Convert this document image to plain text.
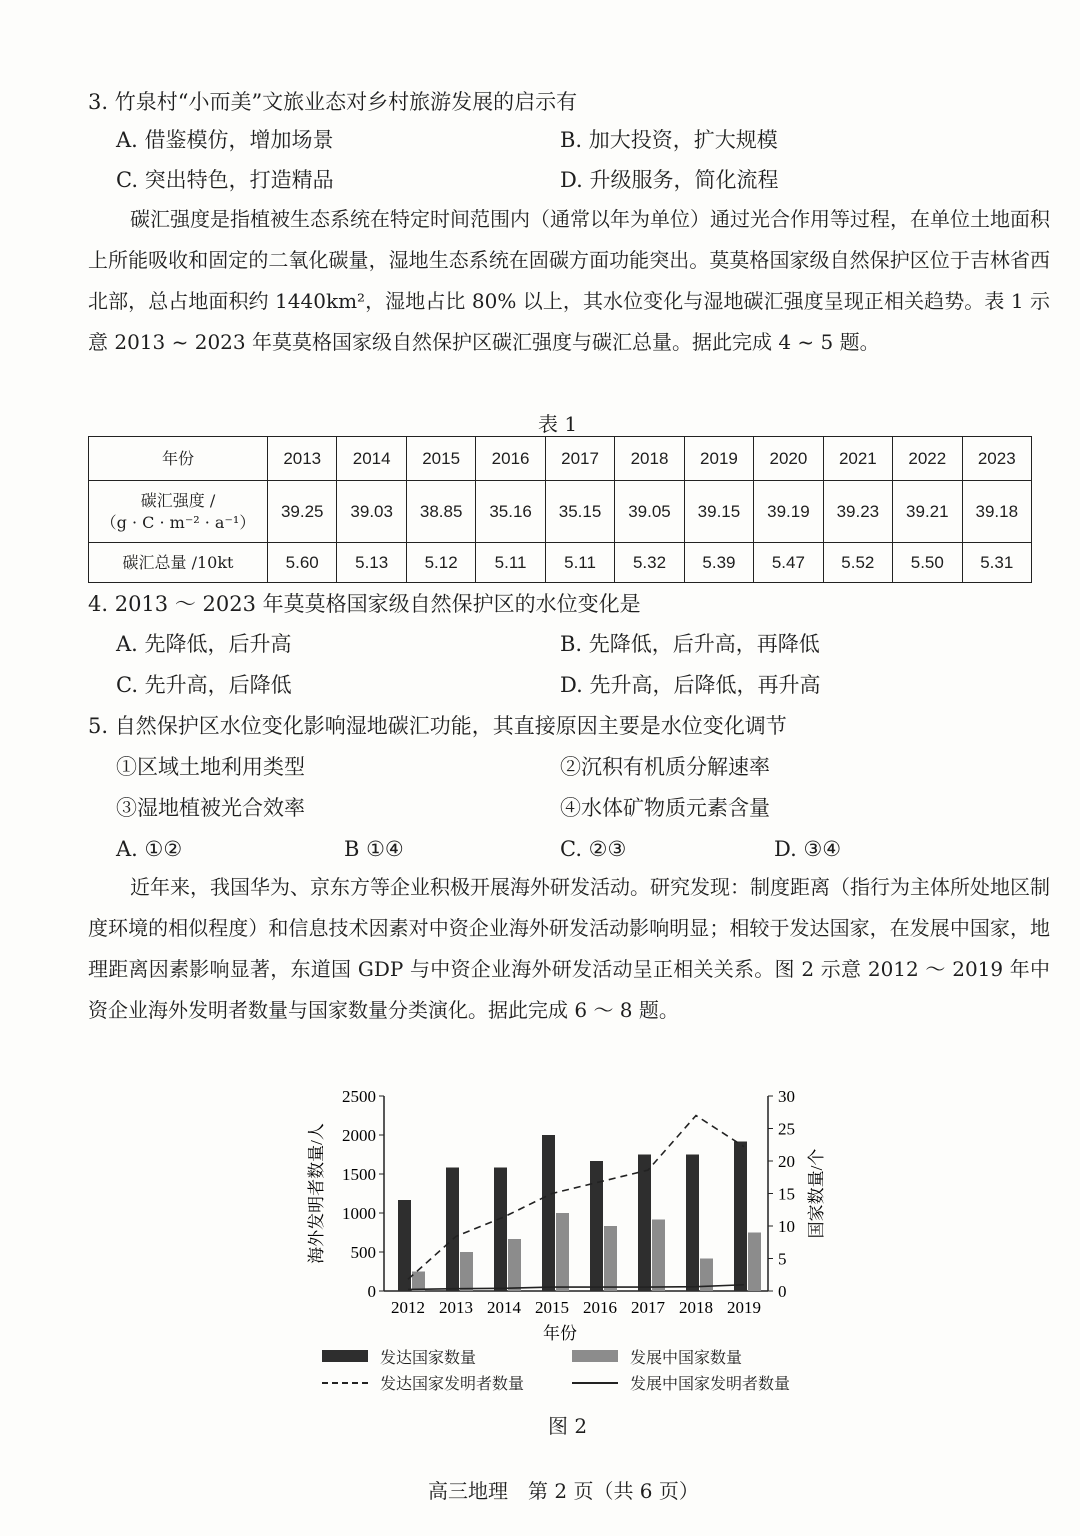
3. 竹泉村“小而美”文旅业态对乡村旅游发展的启示有
A. 借鉴模仿，增加场景	B. 加大投资，扩大规模
C. 突出特色，打造精品	D. 升级服务，简化流程
碳汇强度是指植被生态系统在特定时间范围内（通常以年为单位）通过光合作用等过程，在单位土地面积上所能吸收和固定的二氧化碳量，湿地生态系统在固碳方面功能突出。莫莫格国家级自然保护区位于吉林省西北部，总占地面积约 1440km²，湿地占比 80% 以上，其水位变化与湿地碳汇强度呈现正相关趋势。表 1 示意 2013 ~ 2023 年莫莫格国家级自然保护区碳汇强度与碳汇总量。据此完成 4 ~ 5 题。
表 1
年份	2013	2014	2015	2016	2017	2018	2019	2020	2021	2022	2023

碳汇强度 /
（g · C · m⁻² · a⁻¹）	39.25	39.03	38.85	35.16	35.15	39.05	39.15	39.19	39.23	39.21	39.18
碳汇总量 /10kt	5.60	5.13	5.12	5.11	5.11	5.32	5.39	5.47	5.52	5.50	5.31
4. 2013 ～ 2023 年莫莫格国家级自然保护区的水位变化是
A. 先降低，后升高	B. 先降低，后升高，再降低
C. 先升高，后降低	D. 先升高，后降低，再升高
5. 自然保护区水位变化影响湿地碳汇功能，其直接原因主要是水位变化调节
①区域土地利用类型	②沉积有机质分解速率
③湿地植被光合效率	④水体矿物质元素含量
A. ①②	B ①④	C. ②③	D. ③④
近年来，我国华为、京东方等企业积极开展海外研发活动。研究发现：制度距离（指行为主体所处地区制度环境的相似程度）和信息技术因素对中资企业海外研发活动影响明显；相较于发达国家，在发展中国家，地理距离因素影响显著，东道国 GDP 与中资企业海外研发活动呈正相关关系。图 2 示意 2012 ～ 2019 年中资企业海外发明者数量与国家数量分类演化。据此完成 6 ～ 8 题。
0
500
1000
1500
2000
2500
0
5
10
15
20
25
30
2012 2013 2014 2015 2016 2017 2018 2019
年份
海外发明者数量/人	国家数量/个
发达国家数量	发展中国家数量
发达国家发明者数量	发展中国家发明者数量
图 2
高三地理　第 2 页（共 6 页）
